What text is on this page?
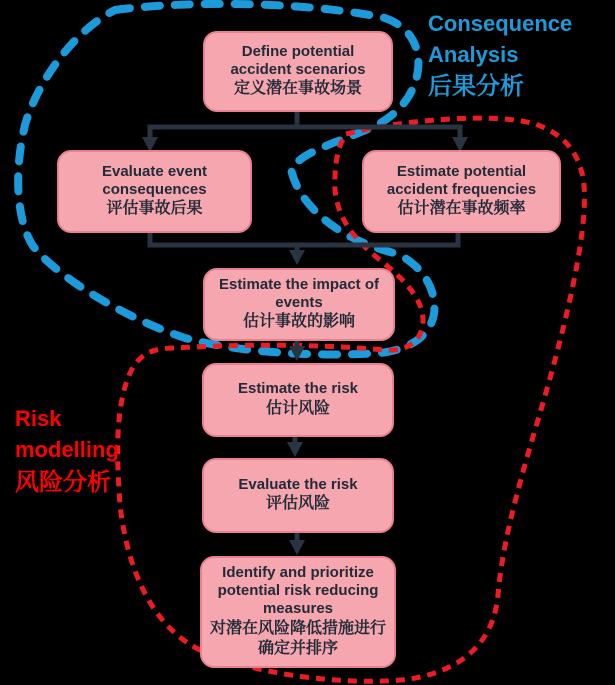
Define potential accident scenarios
定义潜在事故场景
Evaluate event consequences
评估事故后果
Estimate potential accident frequencies
估计潜在事故频率
Estimate the impact of events
估计事故的影响
Estimate the risk
估计风险
Evaluate the risk
评估风险
Identify and prioritize potential risk reducing measures
对潜在风险降低措施进行确定并排序
Consequence Analysis
后果分析
Risk modelling
风险分析
